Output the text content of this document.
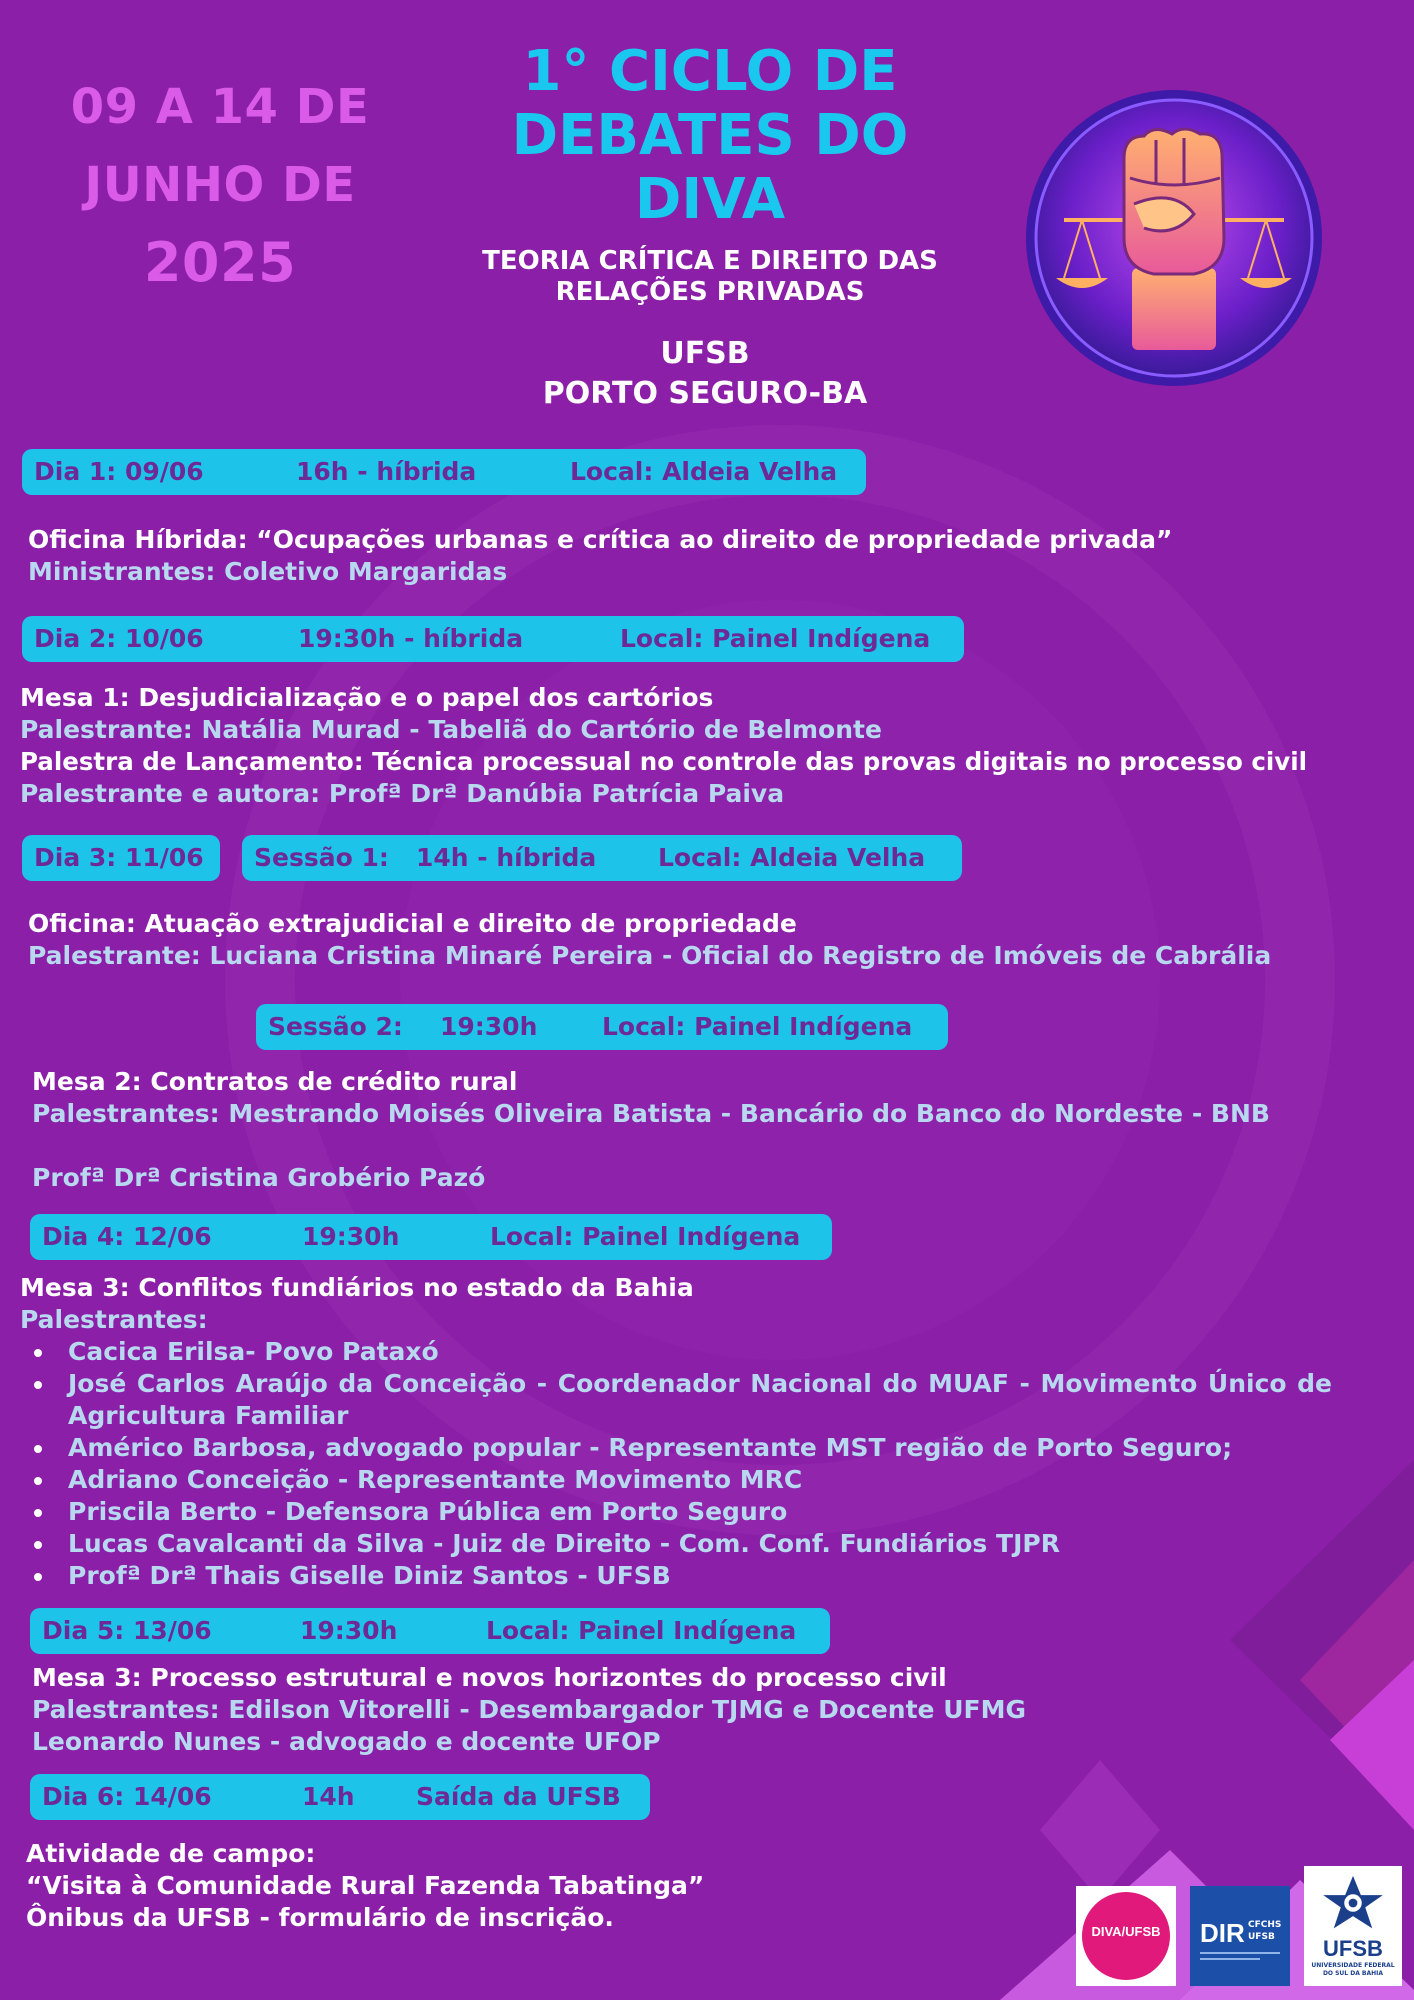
09 A 14 DE
JUNHO DE
2025
1° CICLO DE
DEBATES DO
DIVA
TEORIA CRÍTICA E DIREITO DAS
RELAÇÕES PRIVADAS
UFSB
PORTO SEGURO-BA
Dia 1: 09/06	16h - híbrida	Local: Aldeia Velha
Oficina Híbrida: “Ocupações urbanas e crítica ao direito de propriedade privada”
Ministrantes: Coletivo Margaridas
Dia 2: 10/06	19:30h - híbrida	Local: Painel Indígena
Mesa 1: Desjudicialização e o papel dos cartórios
Palestrante: Natália Murad - Tabeliã do Cartório de Belmonte
Palestra de Lançamento: Técnica processual no controle das provas digitais no processo civil
Palestrante e autora: Profª Drª Danúbia Patrícia Paiva
Dia 3: 11/06 Sessão 1: 14h - híbrida Local: Aldeia Velha
Oficina: Atuação extrajudicial e direito de propriedade
Palestrante: Luciana Cristina Minaré Pereira - Oficial do Registro de Imóveis de Cabrália
Sessão 2: 19:30h	Local: Painel Indígena
Mesa 2: Contratos de crédito rural
Palestrantes: Mestrando Moisés Oliveira Batista - Bancário do Banco do Nordeste - BNB
Profª Drª Cristina Grobério Pazó
Dia 4: 12/06	19:30h	Local: Painel Indígena
Mesa 3: Conflitos fundiários no estado da Bahia
Palestrantes:
Cacica Erilsa- Povo Pataxó
José Carlos Araújo da Conceição - Coordenador Nacional do MUAF - Movimento Único de Agricultura Familiar
Américo Barbosa, advogado popular - Representante MST região de Porto Seguro;
Adriano Conceição - Representante Movimento MRC
Priscila Berto - Defensora Pública em Porto Seguro
Lucas Cavalcanti da Silva - Juiz de Direito - Com. Conf. Fundiários TJPR
Profª Drª Thais Giselle Diniz Santos - UFSB
Dia 5: 13/06	19:30h	Local: Painel Indígena
Mesa 3: Processo estrutural e novos horizontes do processo civil
Palestrantes: Edilson Vitorelli - Desembargador TJMG e Docente UFMG
Leonardo Nunes - advogado e docente UFOP
Dia 6: 14/06	14h Saída da UFSB
Atividade de campo:
“Visita à Comunidade Rural Fazenda Tabatinga”
Ônibus da UFSB - formulário de inscrição.	DIVA/UFSB	DIR CFCHS
UFSB	UFSB
UNIVERSIDADE FEDERAL
DO SUL DA BAHIA
